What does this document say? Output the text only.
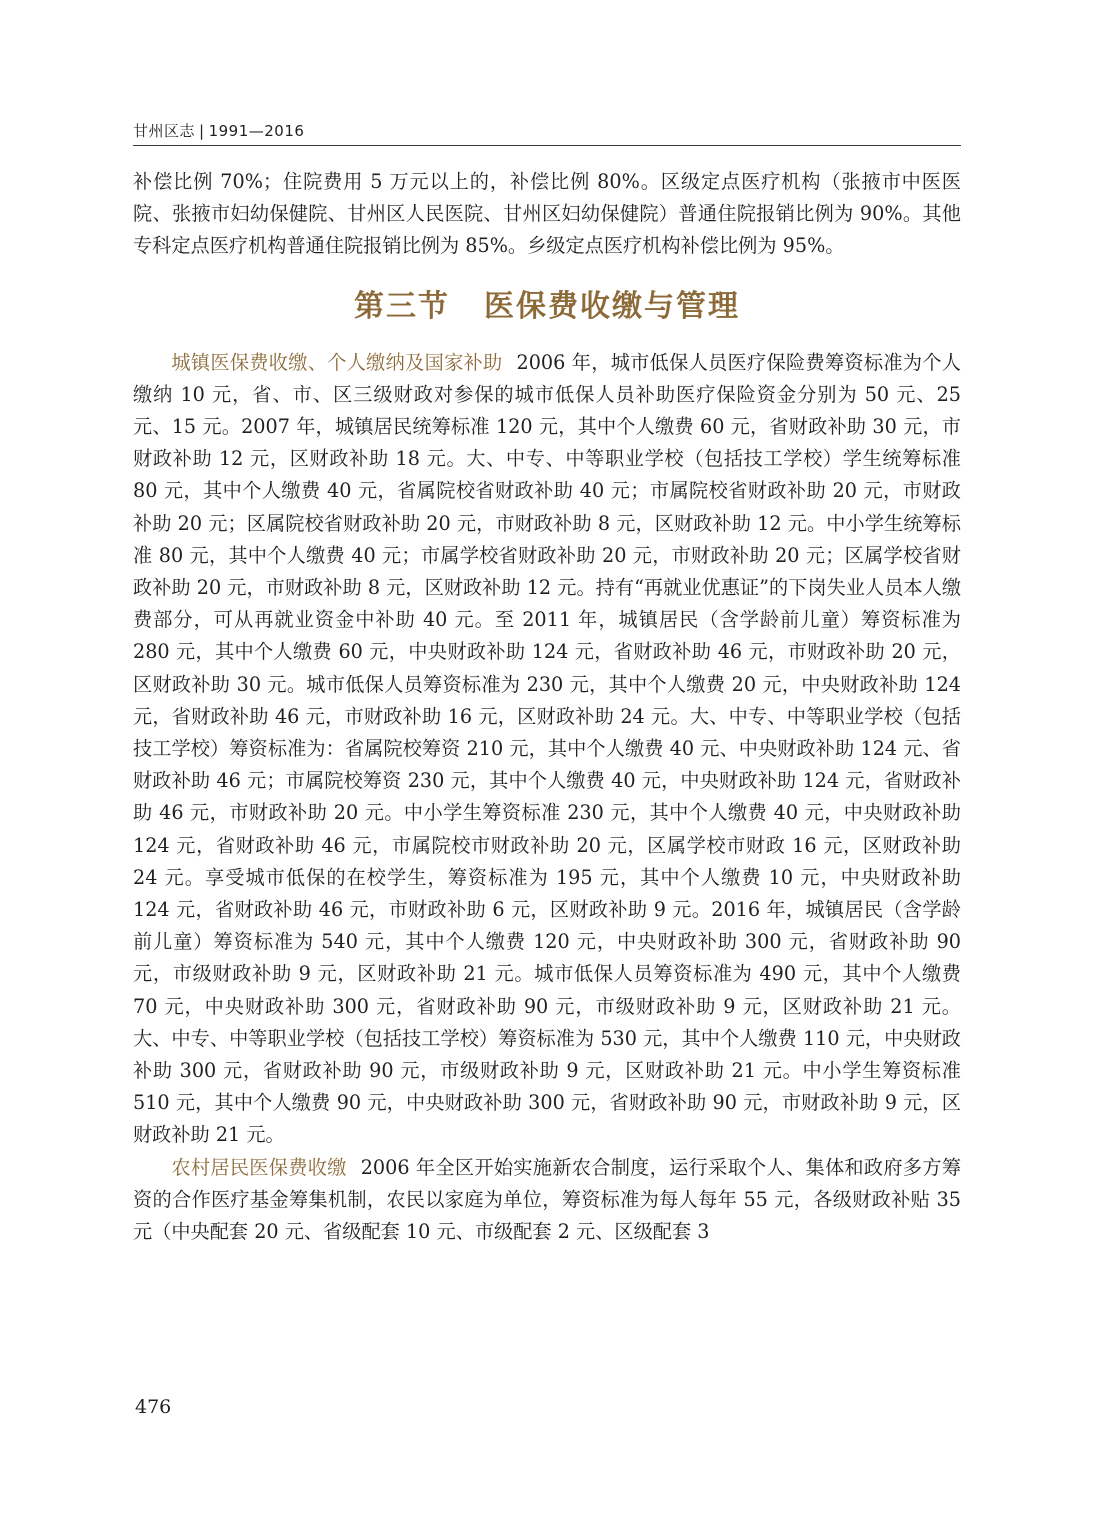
甘州区志 | 1991—2016

补偿比例 70%；住院费用 5 万元以上的，补偿比例 80%。区级定点医疗机构（张掖市中医医院、张掖市妇幼保健院、甘州区人民医院、甘州区妇幼保健院）普通住院报销比例为 90%。其他专科定点医疗机构普通住院报销比例为 85%。乡级定点医疗机构补偿比例为 95%。

第三节 医保费收缴与管理

城镇医保费收缴、个人缴纳及国家补助 2006 年，城市低保人员医疗保险费筹资标准为个人缴纳 10 元，省、市、区三级财政对参保的城市低保人员补助医疗保险资金分别为 50 元、25 元、15 元。2007 年，城镇居民统筹标准 120 元，其中个人缴费 60 元，省财政补助 30 元，市财政补助 12 元，区财政补助 18 元。大、中专、中等职业学校（包括技工学校）学生统筹标准 80 元，其中个人缴费 40 元，省属院校省财政补助 40 元；市属院校省财政补助 20 元，市财政补助 20 元；区属院校省财政补助 20 元，市财政补助 8 元，区财政补助 12 元。中小学生统筹标准 80 元，其中个人缴费 40 元；市属学校省财政补助 20 元，市财政补助 20 元；区属学校省财政补助 20 元，市财政补助 8 元，区财政补助 12 元。持有“再就业优惠证”的下岗失业人员本人缴费部分，可从再就业资金中补助 40 元。至 2011 年，城镇居民（含学龄前儿童）筹资标准为 280 元，其中个人缴费 60 元，中央财政补助 124 元，省财政补助 46 元，市财政补助 20 元，区财政补助 30 元。城市低保人员筹资标准为 230 元，其中个人缴费 20 元，中央财政补助 124 元，省财政补助 46 元，市财政补助 16 元，区财政补助 24 元。大、中专、中等职业学校（包括技工学校）筹资标准为：省属院校筹资 210 元，其中个人缴费 40 元、中央财政补助 124 元、省财政补助 46 元；市属院校筹资 230 元，其中个人缴费 40 元，中央财政补助 124 元，省财政补助 46 元，市财政补助 20 元。中小学生筹资标准 230 元，其中个人缴费 40 元，中央财政补助 124 元，省财政补助 46 元，市属院校市财政补助 20 元，区属学校市财政 16 元，区财政补助 24 元。享受城市低保的在校学生，筹资标准为 195 元，其中个人缴费 10 元，中央财政补助 124 元，省财政补助 46 元，市财政补助 6 元，区财政补助 9 元。2016 年，城镇居民（含学龄前儿童）筹资标准为 540 元，其中个人缴费 120 元，中央财政补助 300 元，省财政补助 90 元，市级财政补助 9 元，区财政补助 21 元。城市低保人员筹资标准为 490 元，其中个人缴费 70 元，中央财政补助 300 元，省财政补助 90 元，市级财政补助 9 元，区财政补助 21 元。大、中专、中等职业学校（包括技工学校）筹资标准为 530 元，其中个人缴费 110 元，中央财政补助 300 元，省财政补助 90 元，市级财政补助 9 元，区财政补助 21 元。中小学生筹资标准 510 元，其中个人缴费 90 元，中央财政补助 300 元，省财政补助 90 元，市财政补助 9 元，区财政补助 21 元。

农村居民医保费收缴 2006 年全区开始实施新农合制度，运行采取个人、集体和政府多方筹资的合作医疗基金筹集机制，农民以家庭为单位，筹资标准为每人每年 55 元，各级财政补贴 35 元（中央配套 20 元、省级配套 10 元、市级配套 2 元、区级配套 3

476
